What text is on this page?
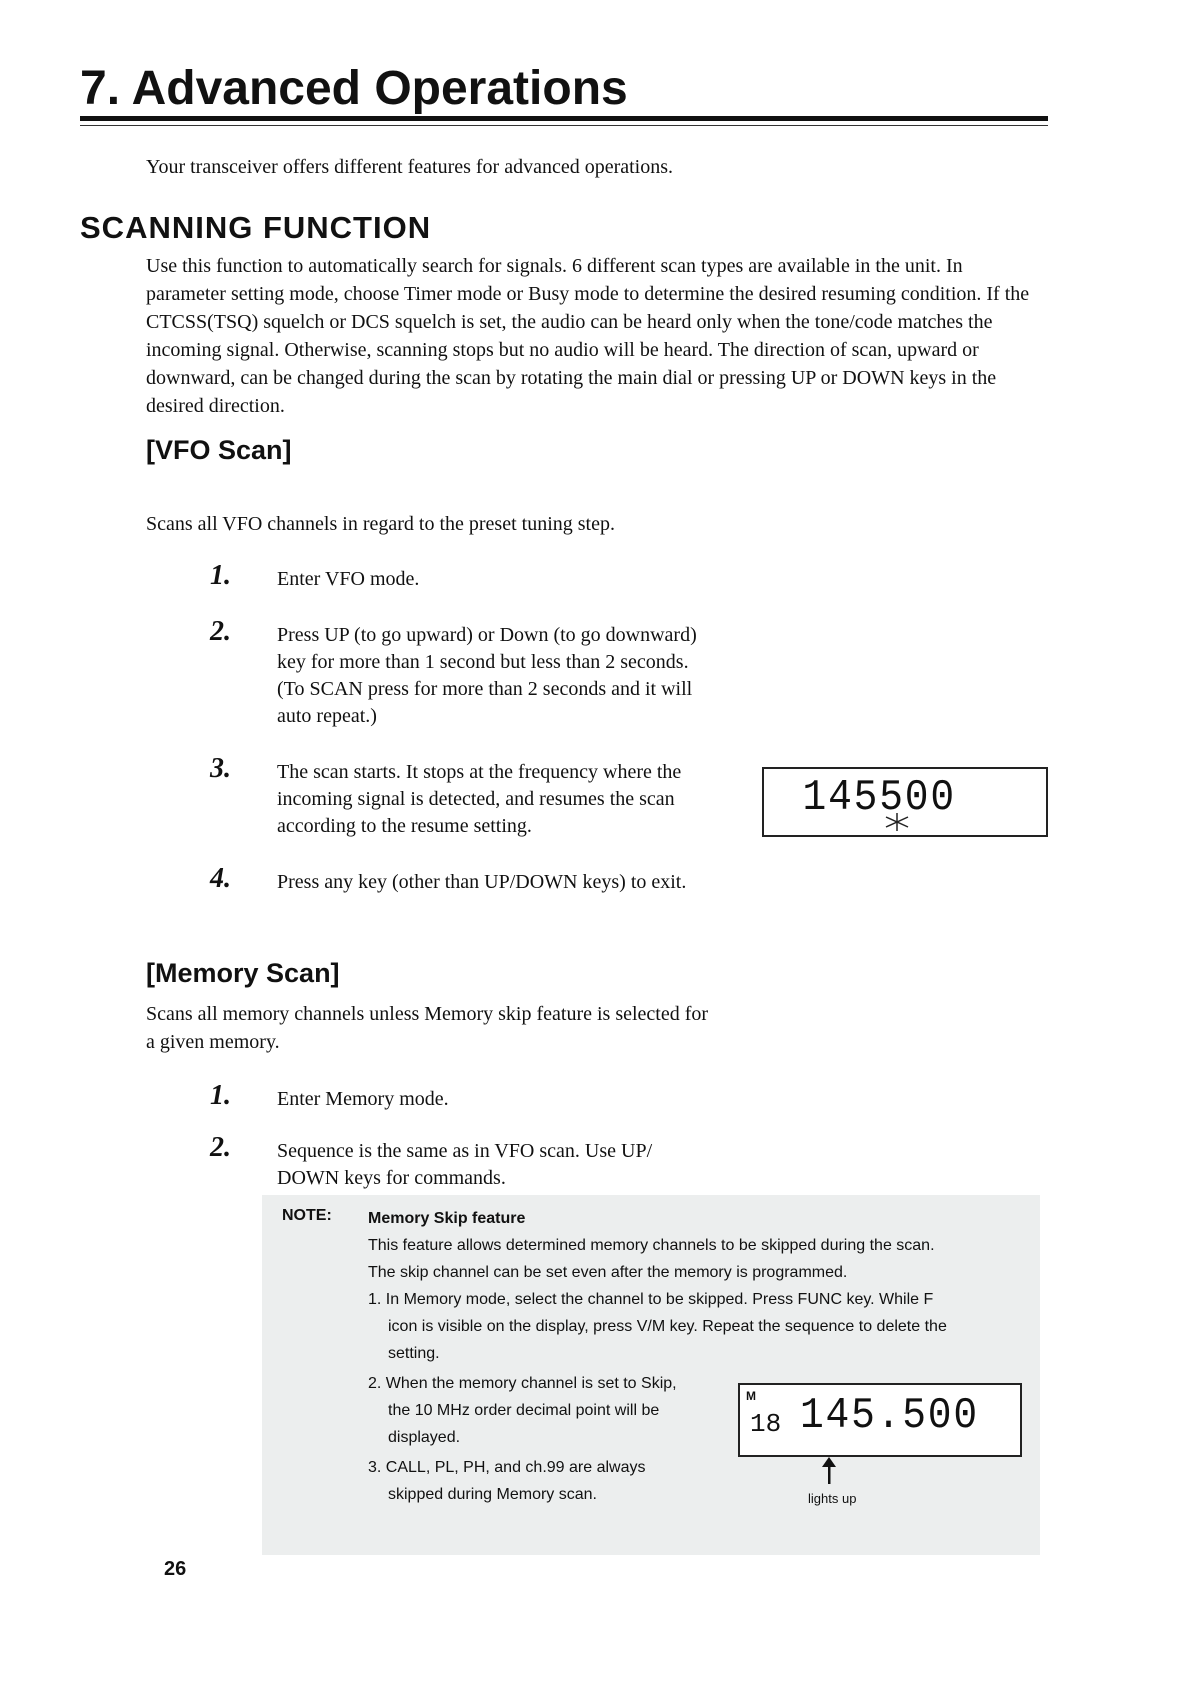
7. Advanced Operations
Your transceiver offers different features for advanced operations.
SCANNING FUNCTION

Use this function to automatically search for signals. 6 different scan types are available in the unit. In parameter setting mode, choose Timer mode or Busy mode to determine the desired resuming condition. If the CTCSS(TSQ) squelch or DCS squelch is set, the audio can be heard only when the tone/code matches the incoming signal. Otherwise, scanning stops but no audio will be heard. The direction of scan, upward or downward, can be changed during the scan by rotating the main dial or pressing UP or DOWN keys in the desired direction.

[VFO Scan]

Scans all VFO channels in regard to the preset tuning step.

1. Enter VFO mode.
2. Press UP (to go upward) or Down (to go downward) key for more than 1 second but less than 2 seconds. (To SCAN press for more than 2 seconds and it will auto repeat.)
3. The scan starts. It stops at the frequency where the incoming signal is detected, and resumes the scan according to the resume setting.
145500
4. Press any key (other than UP/DOWN keys) to exit.
[Memory Scan]

Scans all memory channels unless Memory skip feature is selected for a given memory.

1. Enter Memory mode.
2. Sequence is the same as in VFO scan. Use UP/ DOWN keys for commands.
NOTE: Memory Skip feature
This feature allows determined memory channels to be skipped during the scan.
The skip channel can be set even after the memory is programmed.
1. In Memory mode, select the channel to be skipped. Press FUNC key. While F
icon is visible on the display, press V/M key. Repeat the sequence to delete the
setting.
2. When the memory channel is set to Skip,
the 10 MHz order decimal point will be
displayed.
3. CALL, PL, PH, and ch.99 are always
skipped during Memory scan.
M
18 145.500
lights up
26
